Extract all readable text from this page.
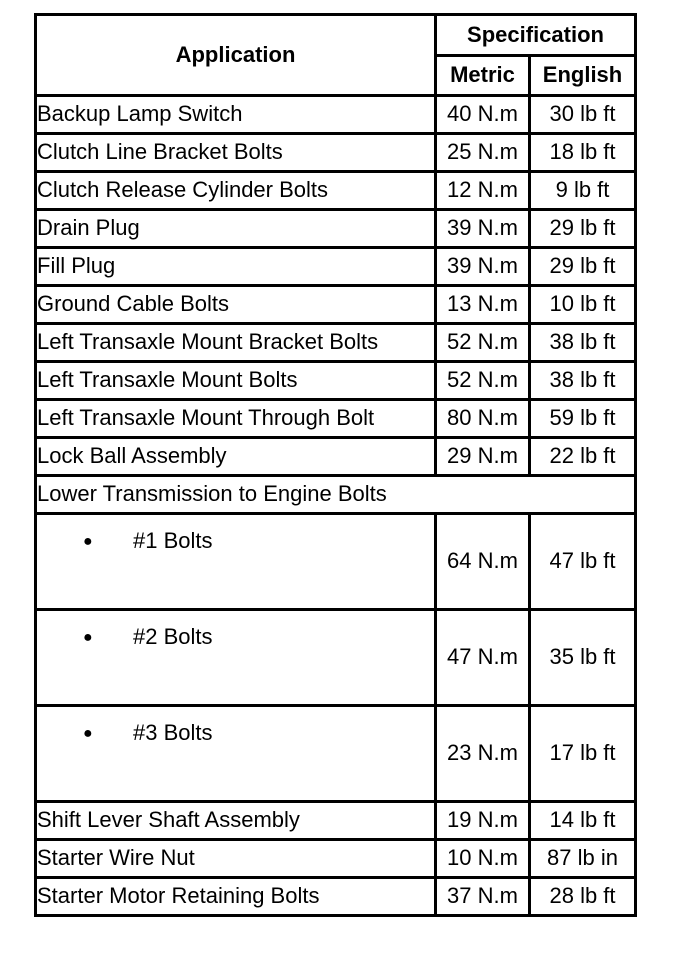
Application	Specification	
	Metric	English
Backup Lamp Switch	40 N.m	30 lb ft
Clutch Line Bracket Bolts	25 N.m	18 lb ft
Clutch Release Cylinder Bolts	12 N.m	9 lb ft
Drain Plug	39 N.m	29 lb ft
Fill Plug	39 N.m	29 lb ft
Ground Cable Bolts	13 N.m	10 lb ft
Left Transaxle Mount Bracket Bolts	52 N.m	38 lb ft
Left Transaxle Mount Bolts	52 N.m	38 lb ft
Left Transaxle Mount Through Bolt	80 N.m	59 lb ft
Lock Ball Assembly	29 N.m	22 lb ft
Lower Transmission to Engine Bolts		
● #1 Bolts	64 N.m	47 lb ft
● #2 Bolts	47 N.m	35 lb ft
● #3 Bolts	23 N.m	17 lb ft
Shift Lever Shaft Assembly	19 N.m	14 lb ft
Starter Wire Nut	10 N.m	87 lb in
Starter Motor Retaining Bolts	37 N.m	28 lb ft
